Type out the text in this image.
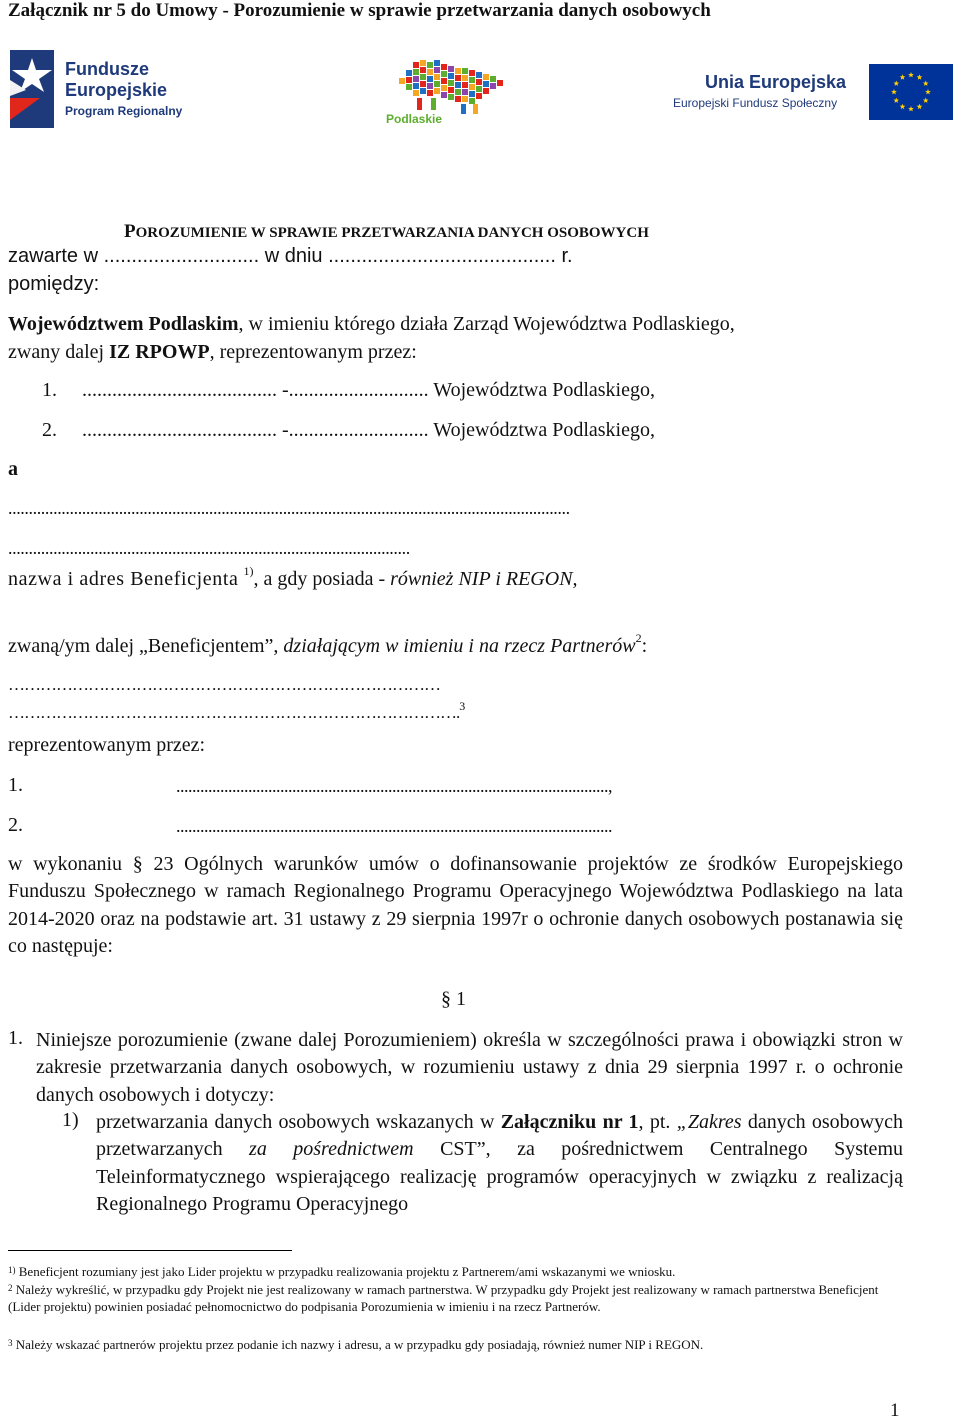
Załącznik nr 5 do Umowy - Porozumienie w sprawie przetwarzania danych osobowych
Fundusze
Europejskie
Program Regionalny
Podlaskie
Unia Europejska
Europejski Fundusz Społeczny
POROZUMIENIE W SPRAWIE PRZETWARZANIA DANYCH OSOBOWYCH
zawarte w ............................ w dniu ......................................... r.
pomiędzy:
Województwem Podlaskim, w imieniu którego działa Zarząd Województwa Podlaskiego,
zwany dalej IZ RPOWP, reprezentowanym przez:
1.     ....................................... -............................ Województwa Podlaskiego,
2.     ....................................... -............................ Województwa Podlaskiego,
a
.........................................................................................................................................
..................................................................................................
nazwa i adres Beneficjenta $^{1)}$, a gdy posiada - również NIP i REGON,
zwaną/ym dalej „Beneficjentem”, działającym w imieniu i na rzecz Partnerów$^2$:
………………………………………………………………………
………………………………………………………………………….$^3$
reprezentowanym przez:
1.	............................................................................................................,
2.	.............................................................................................................
w wykonaniu § 23 Ogólnych warunków umów o dofinansowanie projektów ze środków Europejskiego Funduszu Społecznego w ramach Regionalnego Programu Operacyjnego Województwa Podlaskiego na lata 2014-2020 oraz na podstawie art. 31 ustawy z 29 sierpnia 1997r o ochronie danych osobowych postanawia się co następuje:
§ 1
1. Niniejsze porozumienie (zwane dalej Porozumieniem) określa w szczególności prawa i obowiązki stron w zakresie przetwarzania danych osobowych, w rozumieniu ustawy z dnia 29 sierpnia 1997 r. o ochronie danych osobowych i dotyczy:
1) przetwarzania danych osobowych wskazanych w Załączniku nr 1, pt. „Zakres danych osobowych przetwarzanych za pośrednictwem CST”, za pośrednictwem Centralnego Systemu Teleinformatycznego wspierającego realizację programów operacyjnych w związku z realizacją Regionalnego Programu Operacyjnego
$^{1)}$ Beneficjent rozumiany jest jako Lider projektu w przypadku realizowania projektu z Partnerem/ami wskazanymi we wniosku.
$^2$ Należy wykreślić, w przypadku gdy Projekt nie jest realizowany w ramach partnerstwa. W przypadku gdy Projekt jest realizowany w ramach partnerstwa Beneficjent (Lider projektu) powinien posiadać pełnomocnictwo do podpisania Porozumienia w imieniu i na rzecz Partnerów.
$^3$ Należy wskazać partnerów projektu przez podanie ich nazwy i adresu, a w przypadku gdy posiadają, również numer NIP i REGON.
1
